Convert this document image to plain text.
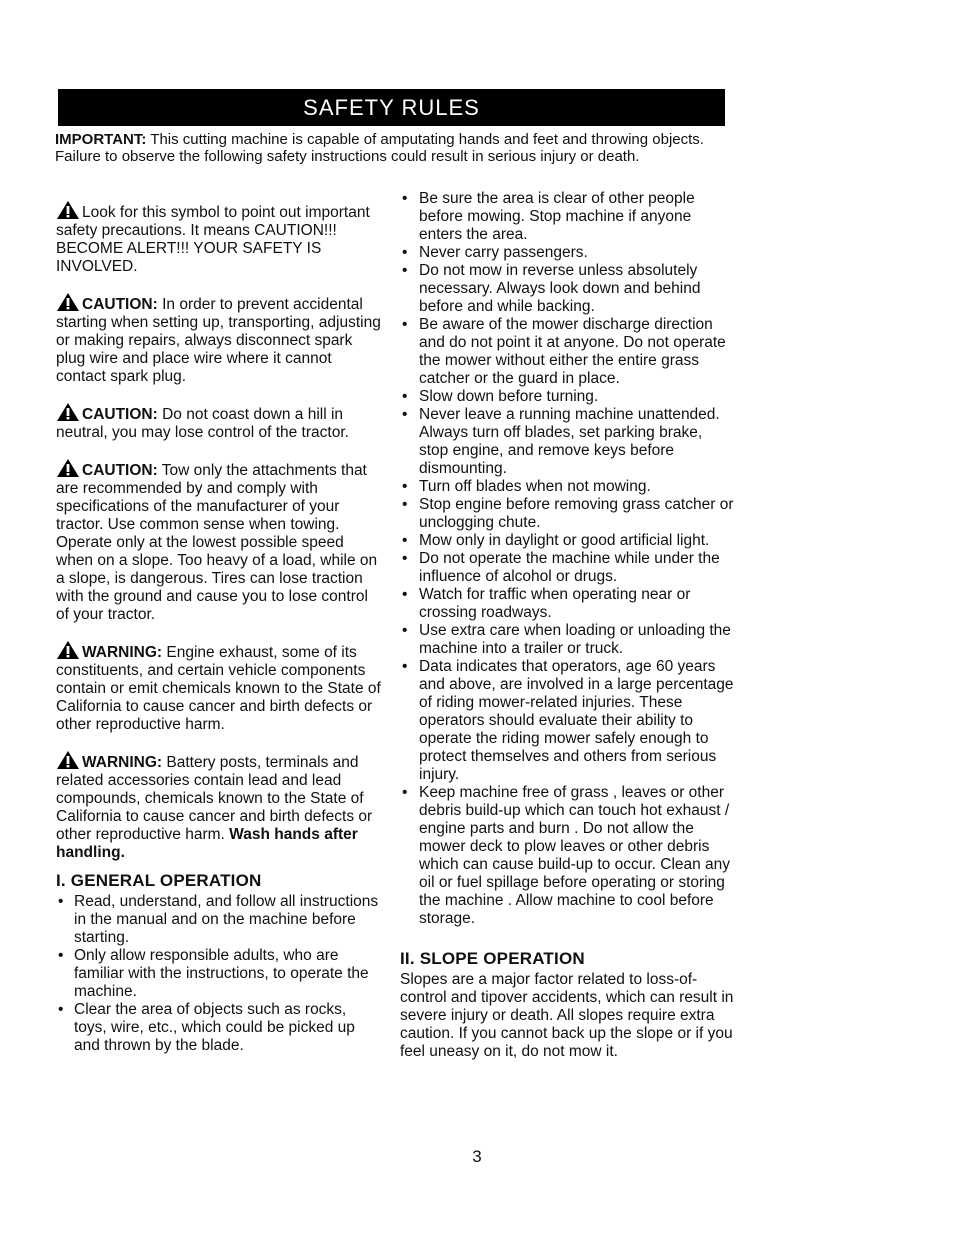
SAFETY RULES
IMPORTANT: This cutting machine is capable of amputating hands and feet and throwing objects. Failure to observe the following safety instructions could result in serious injury or death.

Look for this symbol to point out important safety precautions. It means CAUTION!!! BECOME ALERT!!! YOUR SAFETY IS INVOLVED.

CAUTION: In order to prevent accidental starting when setting up, transporting, adjusting or making repairs, always disconnect spark plug wire and place wire where it cannot contact spark plug.

CAUTION: Do not coast down a hill in neutral, you may lose control of the tractor.

CAUTION: Tow only the attachments that are recommended by and comply with specifications of the manufacturer of your tractor. Use common sense when towing. Operate only at the lowest possible speed when on a slope. Too heavy of a load, while on a slope, is dangerous. Tires can lose traction with the ground and cause you to lose control of your tractor.

WARNING: Engine exhaust, some of its constituents, and certain vehicle components contain or emit chemicals known to the State of California to cause cancer and birth defects or other reproductive harm.

WARNING: Battery posts, terminals and related accessories contain lead and lead compounds, chemicals known to the State of California to cause cancer and birth defects or other reproductive harm. Wash hands after handling.

I. GENERAL OPERATION
• Read, understand, and follow all instructions in the manual and on the machine before starting.
• Only allow responsible adults, who are familiar with the instructions, to operate the machine.
• Clear the area of objects such as rocks, toys, wire, etc., which could be picked up and thrown by the blade.
• Be sure the area is clear of other people before mowing. Stop machine if anyone enters the area.
• Never carry passengers.
• Do not mow in reverse unless absolutely necessary. Always look down and behind before and while backing.
• Be aware of the mower discharge direction and do not point it at anyone. Do not operate the mower without either the entire grass catcher or the guard in place.
• Slow down before turning.
• Never leave a running machine unattended. Always turn off blades, set parking brake, stop engine, and remove keys before dismounting.
• Turn off blades when not mowing.
• Stop engine before removing grass catcher or unclogging chute.
• Mow only in daylight or good artificial light.
• Do not operate the machine while under the influence of alcohol or drugs.
• Watch for traffic when operating near or crossing roadways.
• Use extra care when loading or unloading the machine into a trailer or truck.
• Data indicates that operators, age 60 years and above, are involved in a large percentage of riding mower-related injuries. These operators should evaluate their ability to operate the riding mower safely enough to protect themselves and others from serious injury.
• Keep machine free of grass , leaves or other debris build-up which can touch hot exhaust / engine parts and burn . Do not allow the mower deck to plow leaves or other debris which can cause build-up to occur. Clean any oil or fuel spillage before operating or storing the machine . Allow machine to cool before storage.
II. SLOPE OPERATION

Slopes are a major factor related to loss-of-control and tipover accidents, which can result in severe injury or death. All slopes require extra caution. If you cannot back up the slope or if you feel uneasy on it, do not mow it.

3
